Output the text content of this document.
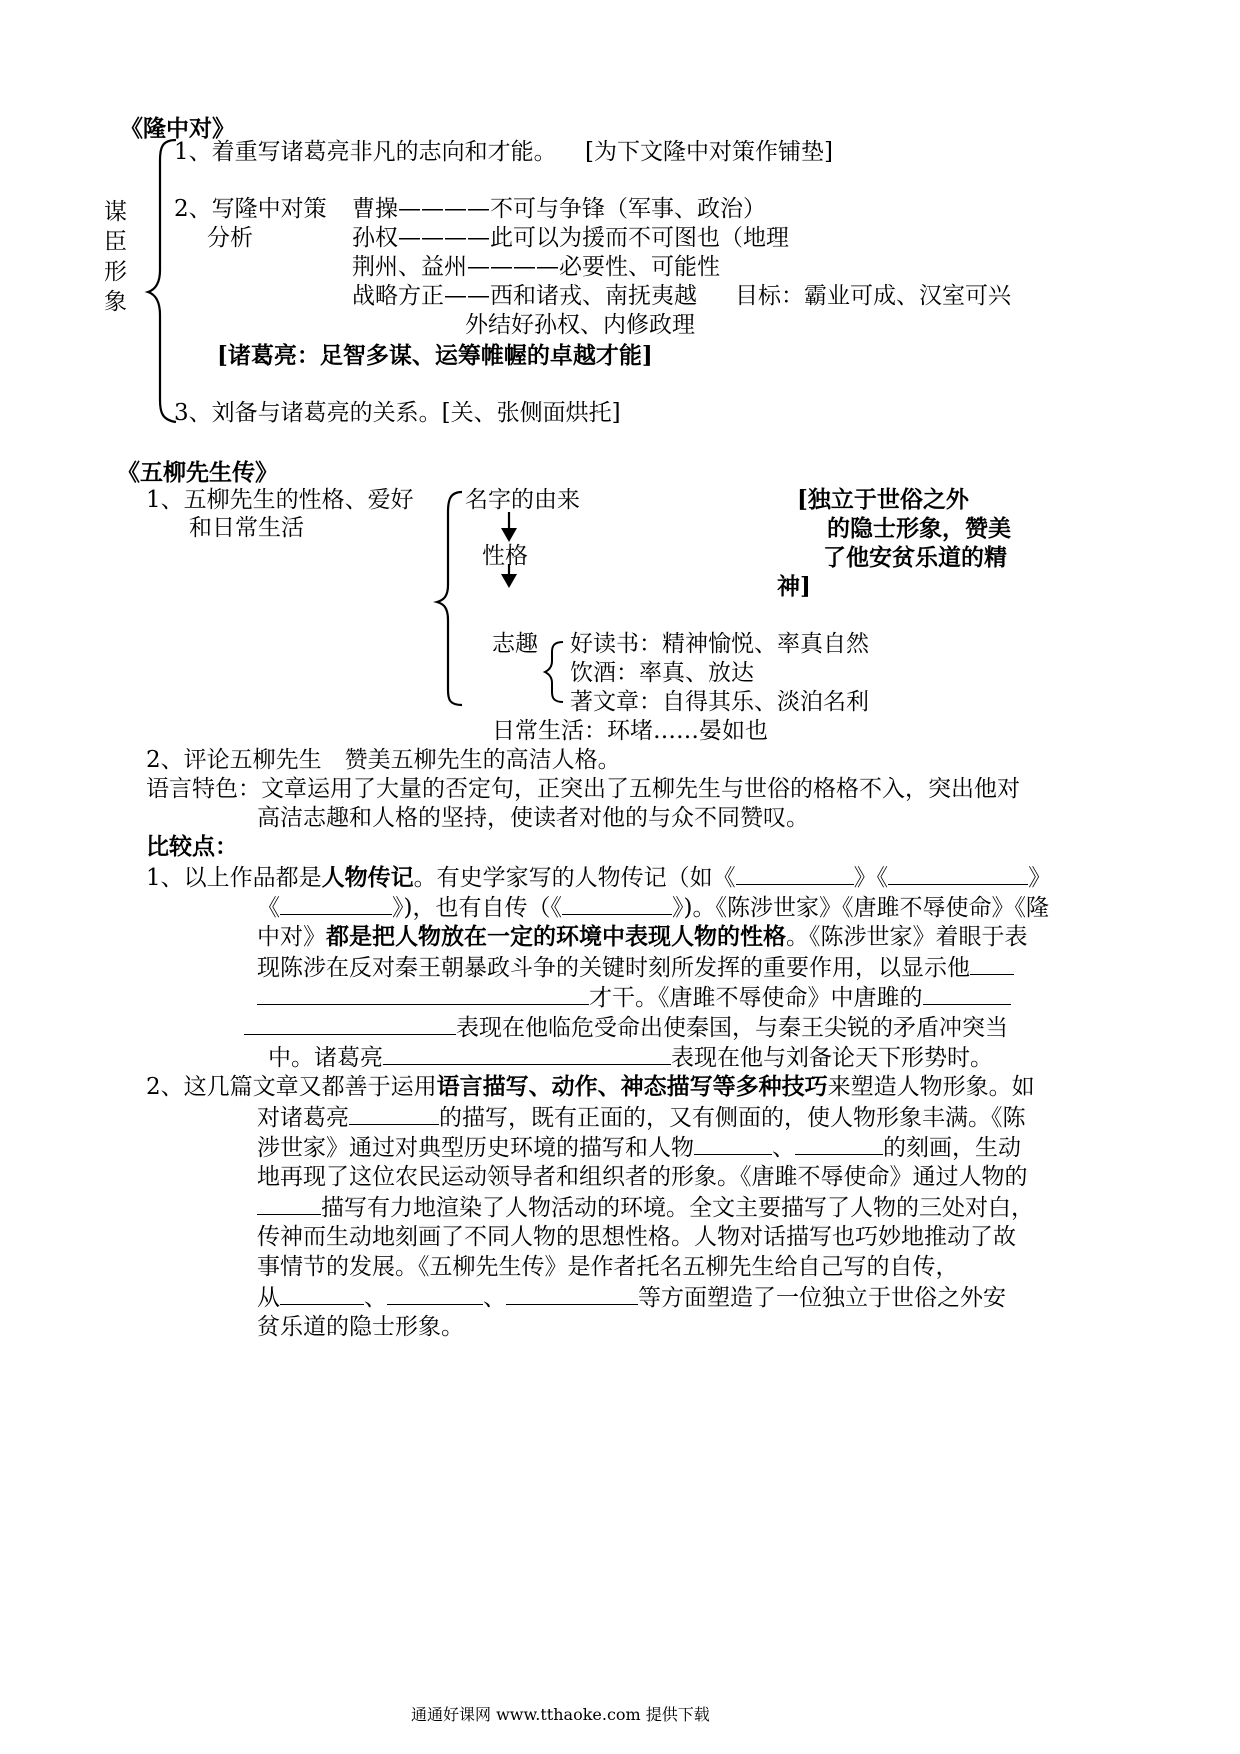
《隆中对》
谋
臣
形
象
1、着重写诸葛亮非凡的志向和才能。 [为下文隆中对策作铺垫]
2、写隆中对策
分析
曹操————不可与争锋（军事、政治）
孙权————此可以为援而不可图也（地理
荆州、益州————必要性、可能性
战略方正——西和诸戎、南抚夷越 目标：霸业可成、汉室可兴
外结好孙权、内修政理
[诸葛亮：足智多谋、运筹帷幄的卓越才能]
3、刘备与诸葛亮的关系。[关、张侧面烘托]
《五柳先生传》
1、五柳先生的性格、爱好
和日常生活
名字的由来
性格
志趣 好读书：精神愉悦、率真自然
饮酒：率真、放达
著文章：自得其乐、淡泊名利
日常生活：环堵……晏如也
[独立于世俗之外
的隐士形象，赞美
了他安贫乐道的精
神]
2、评论五柳先生　赞美五柳先生的高洁人格。
语言特色：文章运用了大量的否定句，正突出了五柳先生与世俗的格格不入，突出他对
高洁志趣和人格的坚持，使读者对他的与众不同赞叹。
比较点：
1、以上作品都是人物传记。有史学家写的人物传记（如《	》《	》
《	》)，也有自传（《	》)。《陈涉世家》《唐雎不辱使命》《隆
中对》都是把人物放在一定的环境中表现人物的性格。《陈涉世家》着眼于表
现陈涉在反对秦王朝暴政斗争的关键时刻所发挥的重要作用，以显示他
才干。《唐雎不辱使命》中唐雎的
表现在他临危受命出使秦国，与秦王尖锐的矛盾冲突当
中。诸葛亮	表现在他与刘备论天下形势时。
2、这几篇文章又都善于运用语言描写、动作、神态描写等多种技巧来塑造人物形象。如
对诸葛亮	的描写，既有正面的，又有侧面的，使人物形象丰满。《陈
涉世家》通过对典型历史环境的描写和人物	、	的刻画，生动
地再现了这位农民运动领导者和组织者的形象。《唐雎不辱使命》通过人物的
描写有力地渲染了人物活动的环境。全文主要描写了人物的三处对白，
传神而生动地刻画了不同人物的思想性格。人物对话描写也巧妙地推动了故
事情节的发展。《五柳先生传》是作者托名五柳先生给自己写的自传，
从	、	、	等方面塑造了一位独立于世俗之外安
贫乐道的隐士形象。
通通好课网 www.tthaoke.com 提供下载
